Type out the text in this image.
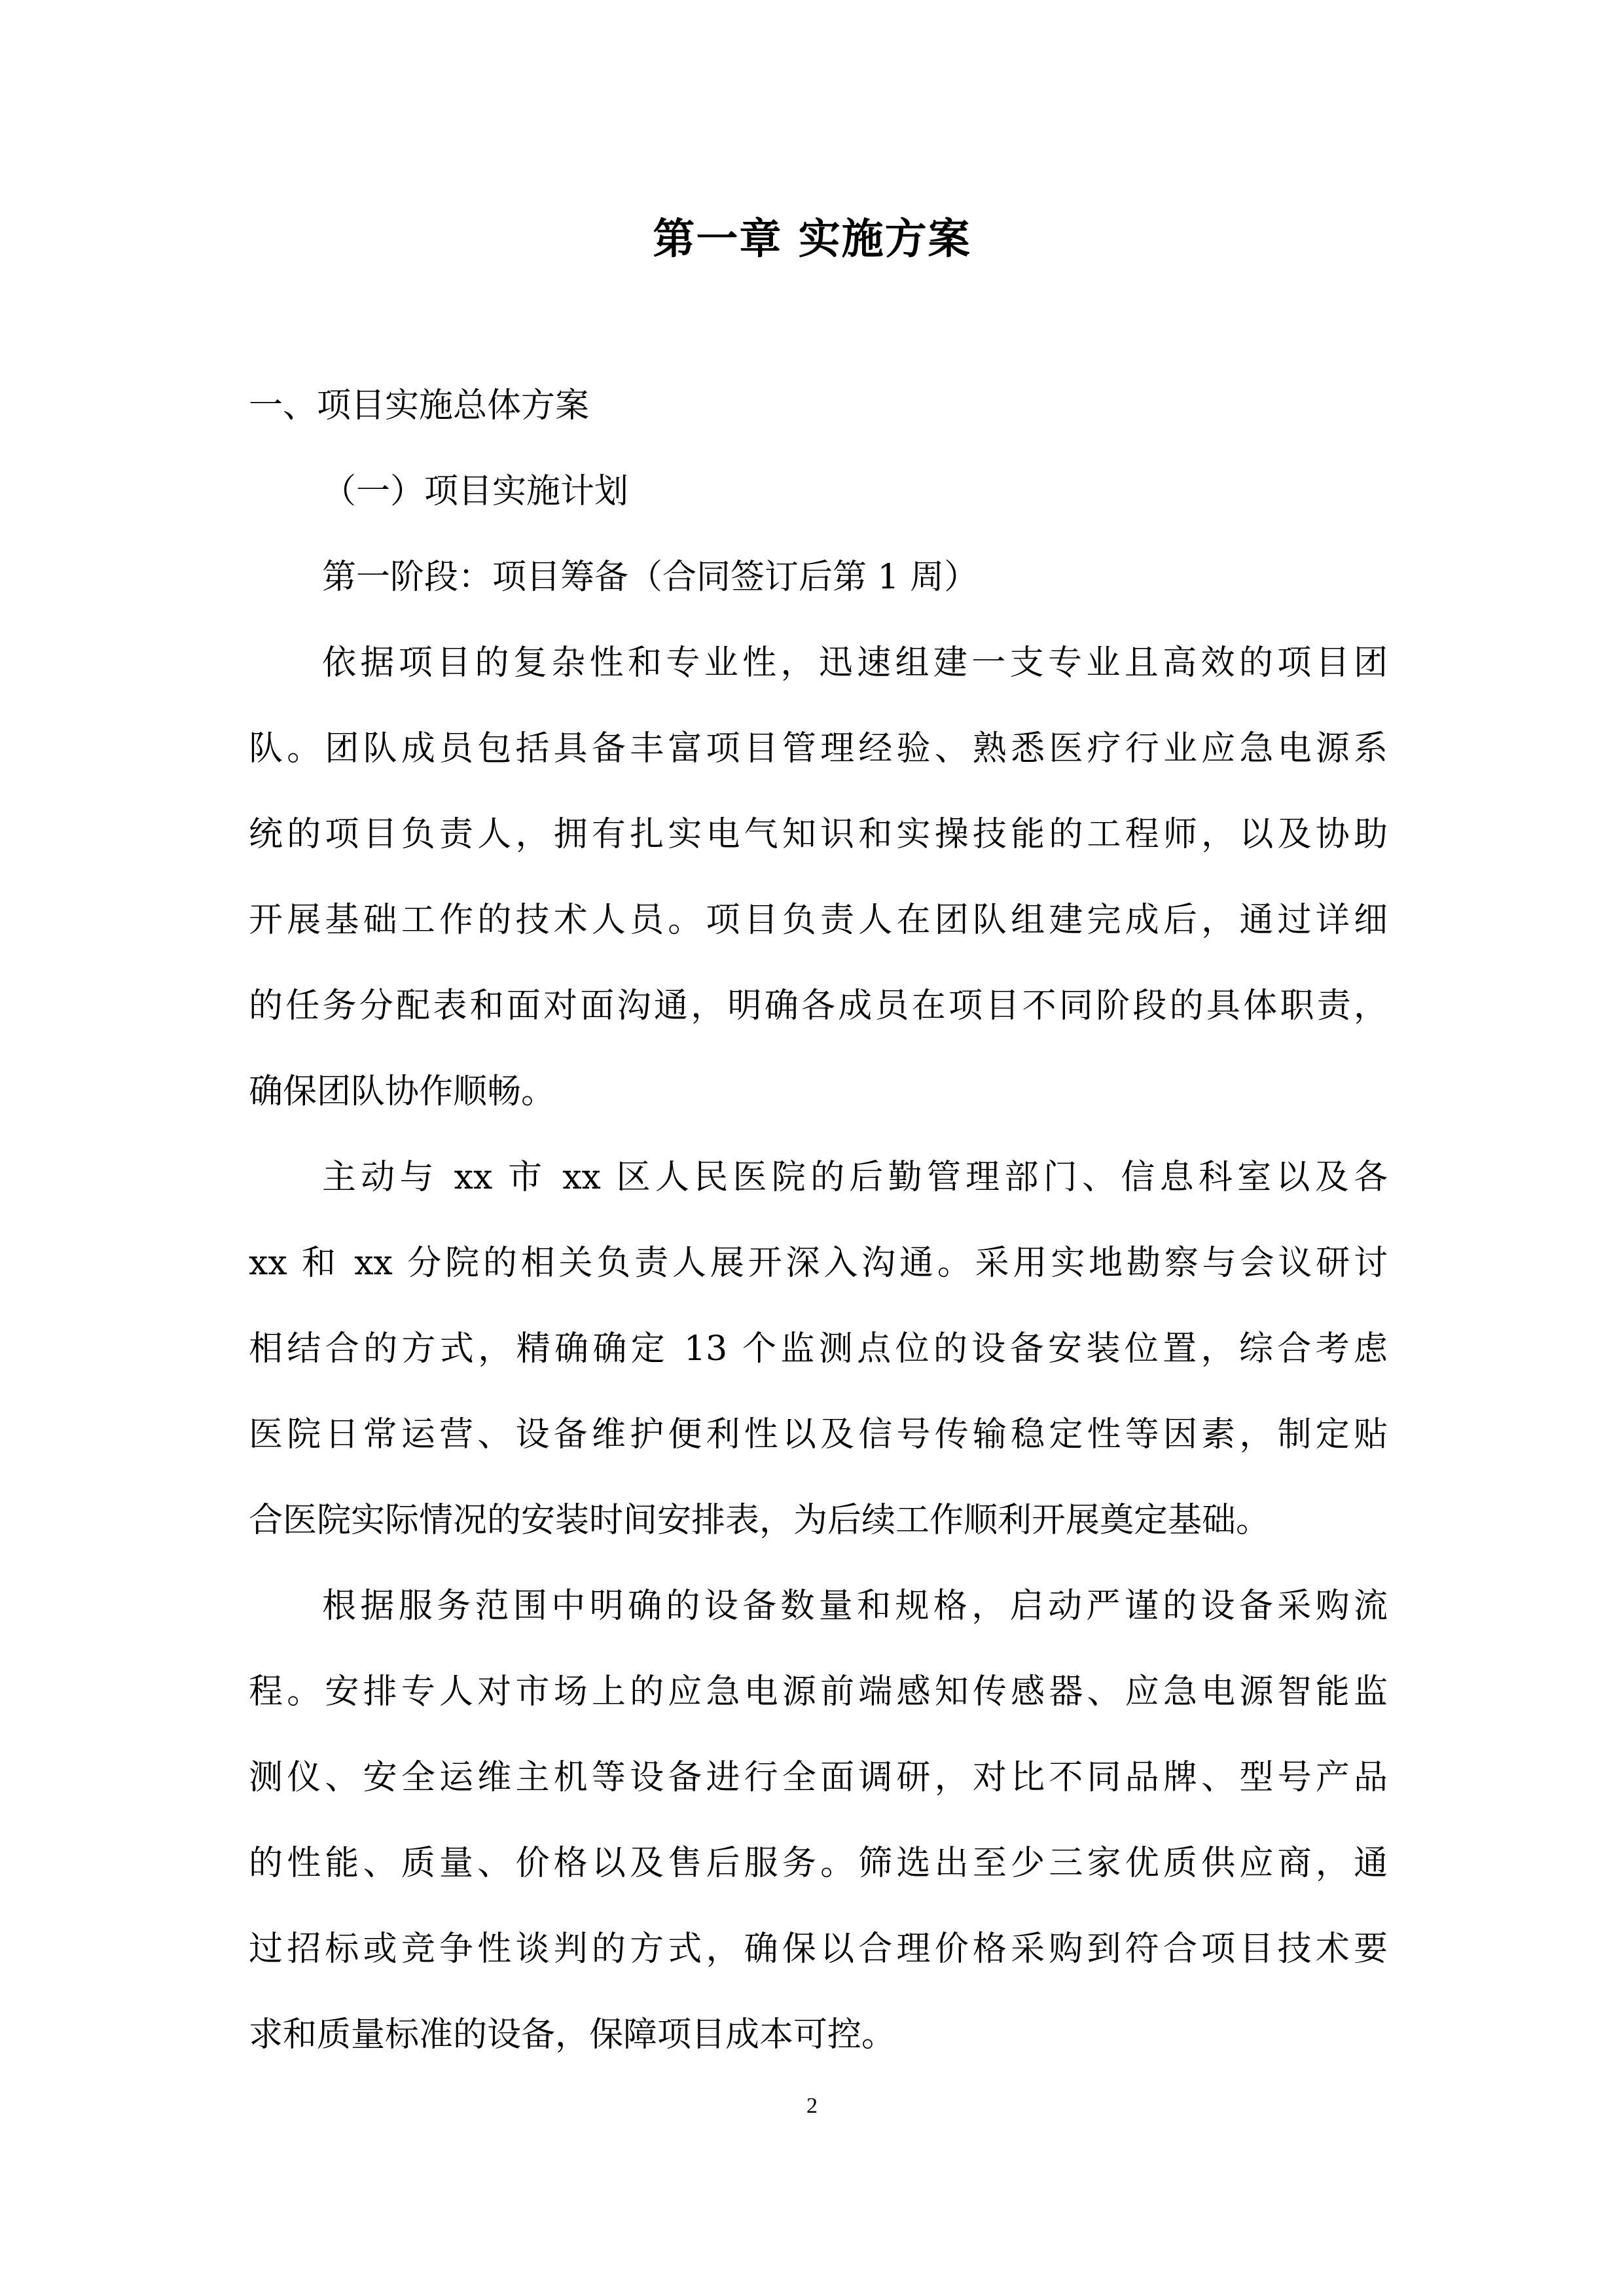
第一章 实施方案
一、项目实施总体方案
（一）项目实施计划

第一阶段：项目筹备（合同签订后第 1 周）

依据项目的复杂性和专业性，迅速组建一支专业且高效的项目团
队。团队成员包括具备丰富项目管理经验、熟悉医疗行业应急电源系
统的项目负责人，拥有扎实电气知识和实操技能的工程师，以及协助
开展基础工作的技术人员。项目负责人在团队组建完成后，通过详细
的任务分配表和面对面沟通，明确各成员在项目不同阶段的具体职责，
确保团队协作顺畅。

主动与 xx 市 xx 区人民医院的后勤管理部门、信息科室以及各
xx 和 xx 分院的相关负责人展开深入沟通。采用实地勘察与会议研讨
相结合的方式，精确确定 13 个监测点位的设备安装位置，综合考虑
医院日常运营、设备维护便利性以及信号传输稳定性等因素，制定贴
合医院实际情况的安装时间安排表，为后续工作顺利开展奠定基础。

根据服务范围中明确的设备数量和规格，启动严谨的设备采购流
程。安排专人对市场上的应急电源前端感知传感器、应急电源智能监
测仪、安全运维主机等设备进行全面调研，对比不同品牌、型号产品
的性能、质量、价格以及售后服务。筛选出至少三家优质供应商，通
过招标或竞争性谈判的方式，确保以合理价格采购到符合项目技术要
求和质量标准的设备，保障项目成本可控。

2
